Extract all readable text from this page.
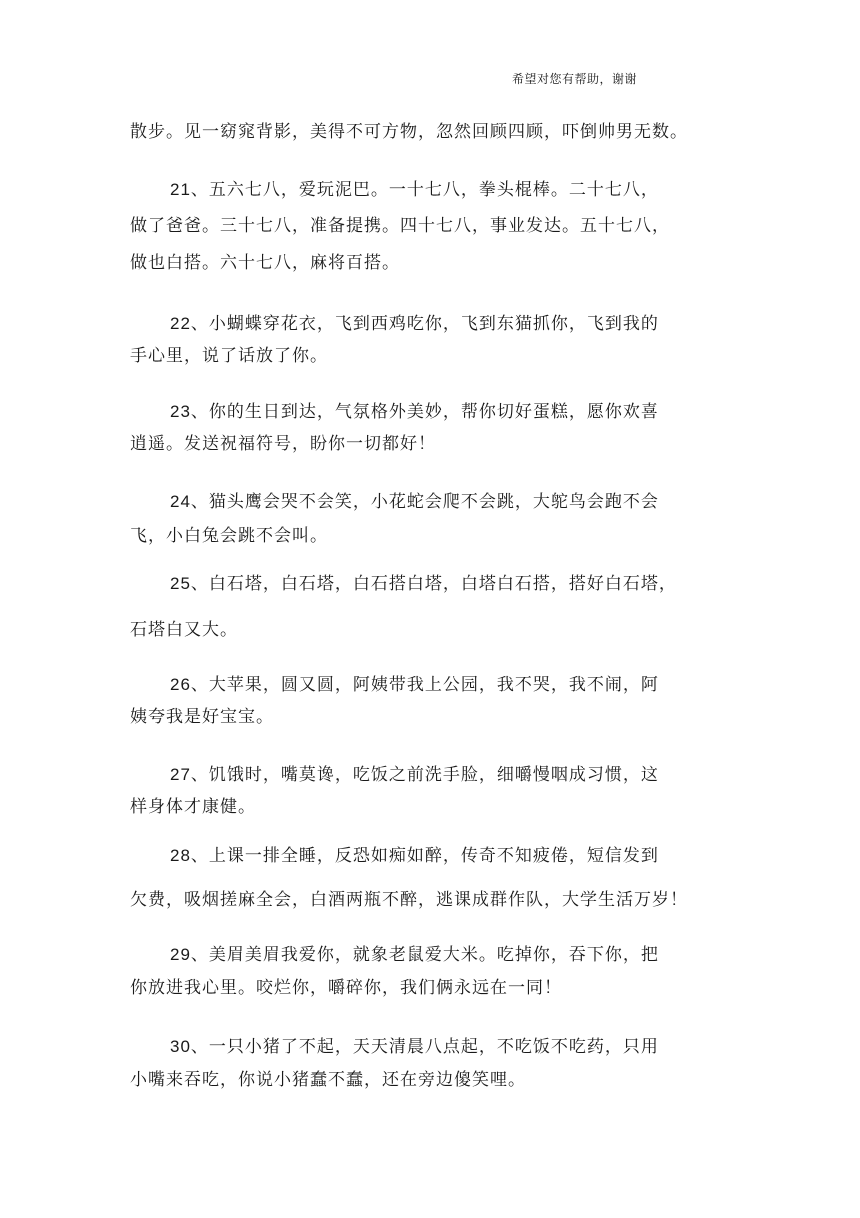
希望对您有帮助，谢谢
散步。见一窈窕背影，美得不可方物，忽然回顾四顾，吓倒帅男无数。
21、五六七八，爱玩泥巴。一十七八，拳头棍棒。二十七八，
做了爸爸。三十七八，准备提携。四十七八，事业发达。五十七八，
做也白搭。六十七八，麻将百搭。
22、小蝴蝶穿花衣，飞到西鸡吃你，飞到东猫抓你，飞到我的
手心里，说了话放了你。
23、你的生日到达，气氛格外美妙，帮你切好蛋糕，愿你欢喜
逍遥。发送祝福符号，盼你一切都好！
24、猫头鹰会哭不会笑，小花蛇会爬不会跳，大鸵鸟会跑不会
飞，小白兔会跳不会叫。
25、白石塔，白石塔，白石搭白塔，白塔白石搭，搭好白石塔，
石塔白又大。
26、大苹果，圆又圆，阿姨带我上公园，我不哭，我不闹，阿
姨夸我是好宝宝。
27、饥饿时，嘴莫谗，吃饭之前洗手脸，细嚼慢咽成习惯，这
样身体才康健。
28、上课一排全睡，反恐如痴如醉，传奇不知疲倦，短信发到
欠费，吸烟搓麻全会，白酒两瓶不醉，逃课成群作队，大学生活万岁！
29、美眉美眉我爱你，就象老鼠爱大米。吃掉你，吞下你，把
你放进我心里。咬烂你，嚼碎你，我们俩永远在一同！
30、一只小猪了不起，天天清晨八点起，不吃饭不吃药，只用
小嘴来吞吃，你说小猪蠢不蠢，还在旁边傻笑哩。
